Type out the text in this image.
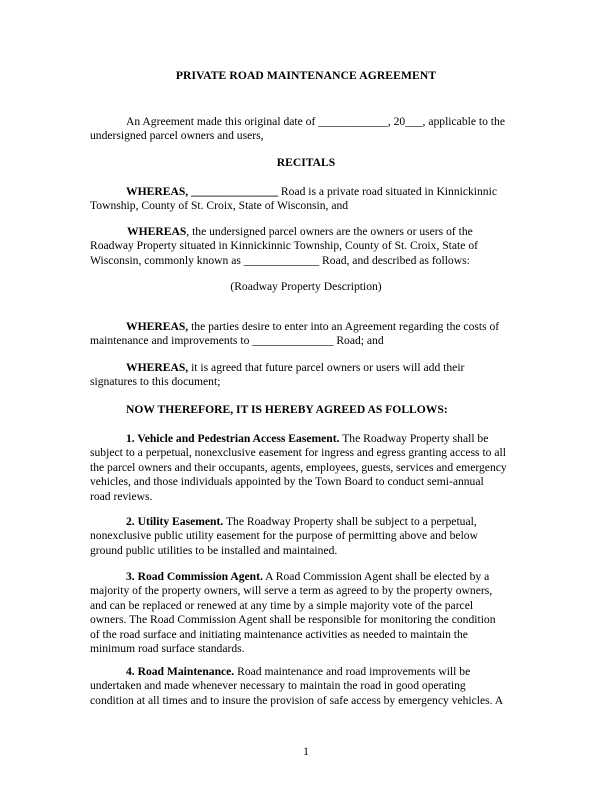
PRIVATE ROAD MAINTENANCE AGREEMENT
An Agreement made this original date of ____________, 20___, applicable to the
undersigned parcel owners and users,
RECITALS
WHEREAS, _______________ Road is a private road situated in Kinnickinnic
Township, County of St. Croix, State of Wisconsin, and
WHEREAS, the undersigned parcel owners are the owners or users of the
Roadway Property situated in Kinnickinnic Township, County of St. Croix, State of
Wisconsin, commonly known as _____________ Road, and described as follows:
(Roadway Property Description)
WHEREAS, the parties desire to enter into an Agreement regarding the costs of
maintenance and improvements to ______________ Road; and
WHEREAS, it is agreed that future parcel owners or users will add their
signatures to this document;
NOW THEREFORE, IT IS HEREBY AGREED AS FOLLOWS:
1. Vehicle and Pedestrian Access Easement. The Roadway Property shall be
subject to a perpetual, nonexclusive easement for ingress and egress granting access to all
the parcel owners and their occupants, agents, employees, guests, services and emergency
vehicles, and those individuals appointed by the Town Board to conduct semi-annual
road reviews.
2. Utility Easement. The Roadway Property shall be subject to a perpetual,
nonexclusive public utility easement for the purpose of permitting above and below
ground public utilities to be installed and maintained.
3. Road Commission Agent. A Road Commission Agent shall be elected by a
majority of the property owners, will serve a term as agreed to by the property owners,
and can be replaced or renewed at any time by a simple majority vote of the parcel
owners. The Road Commission Agent shall be responsible for monitoring the condition
of the road surface and initiating maintenance activities as needed to maintain the
minimum road surface standards.
4. Road Maintenance. Road maintenance and road improvements will be
undertaken and made whenever necessary to maintain the road in good operating
condition at all times and to insure the provision of safe access by emergency vehicles. A
1
